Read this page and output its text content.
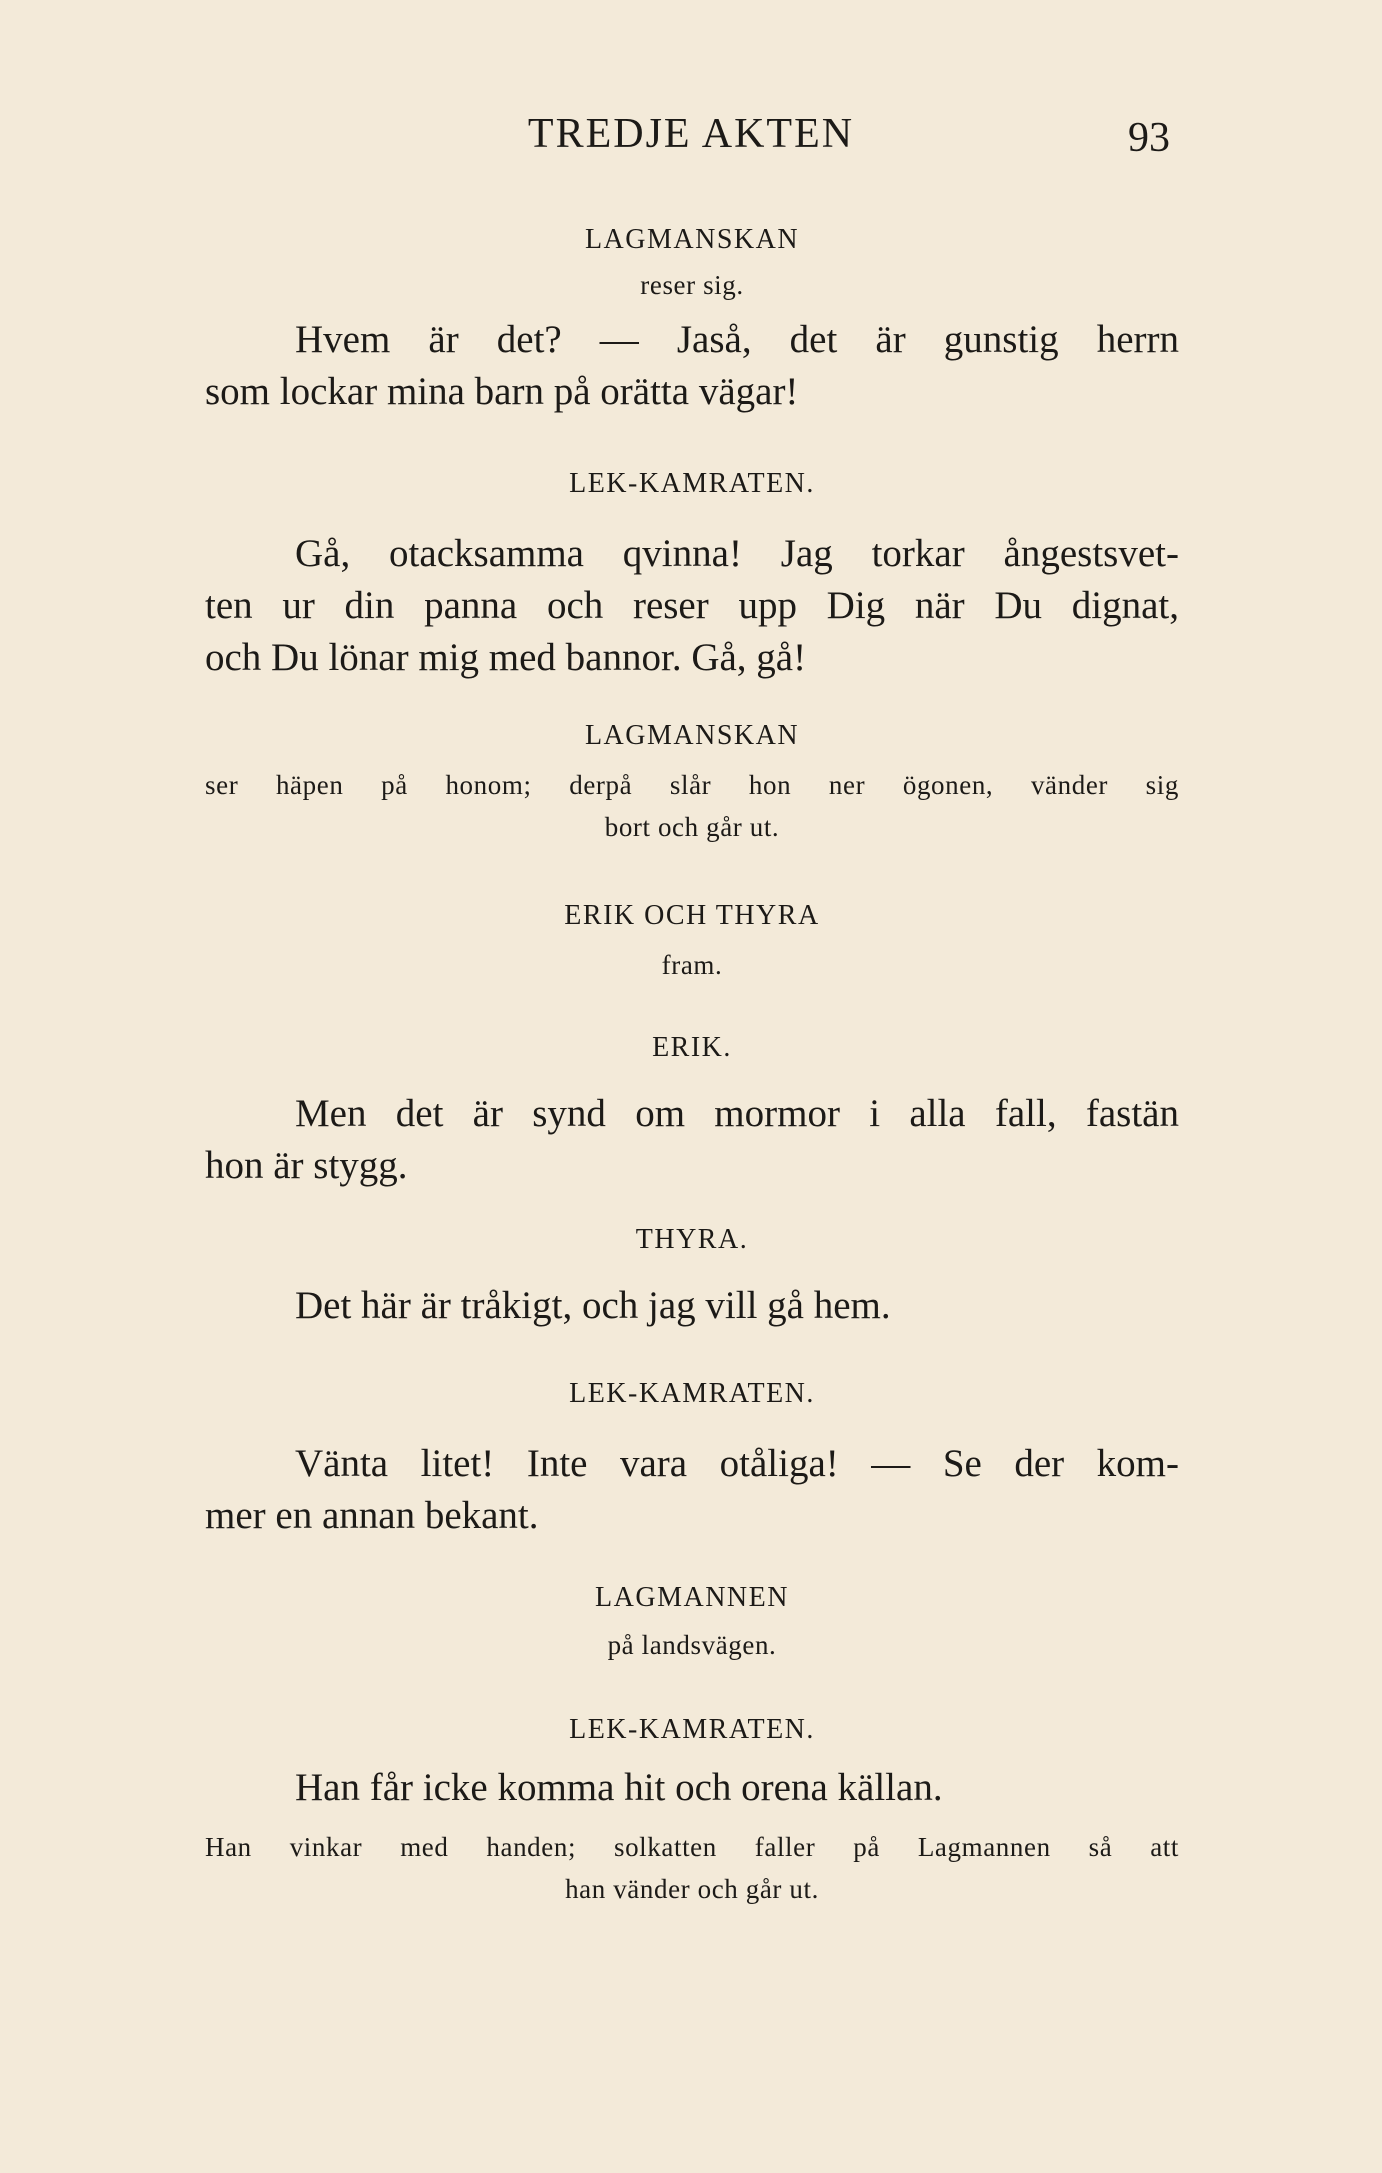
TREDJE AKTEN	93
LAGMANSKAN
reser sig.
Hvem är det? — Jaså, det är gunstig herrn
som lockar mina barn på orätta vägar!
LEK-KAMRATEN.
Gå, otacksamma qvinna! Jag torkar ångestsvet-
ten ur din panna och reser upp Dig när Du dignat,
och Du lönar mig med bannor. Gå, gå!
LAGMANSKAN
ser häpen på honom; derpå slår hon ner ögonen, vänder sig
bort och går ut.
ERIK OCH THYRA
fram.
ERIK.
Men det är synd om mormor i alla fall, fastän
hon är stygg.
THYRA.
Det här är tråkigt, och jag vill gå hem.
LEK-KAMRATEN.
Vänta litet! Inte vara otåliga! — Se der kom-
mer en annan bekant.
LAGMANNEN
på landsvägen.
LEK-KAMRATEN.
Han får icke komma hit och orena källan.
Han vinkar med handen; solkatten faller på Lagmannen så att
han vänder och går ut.
